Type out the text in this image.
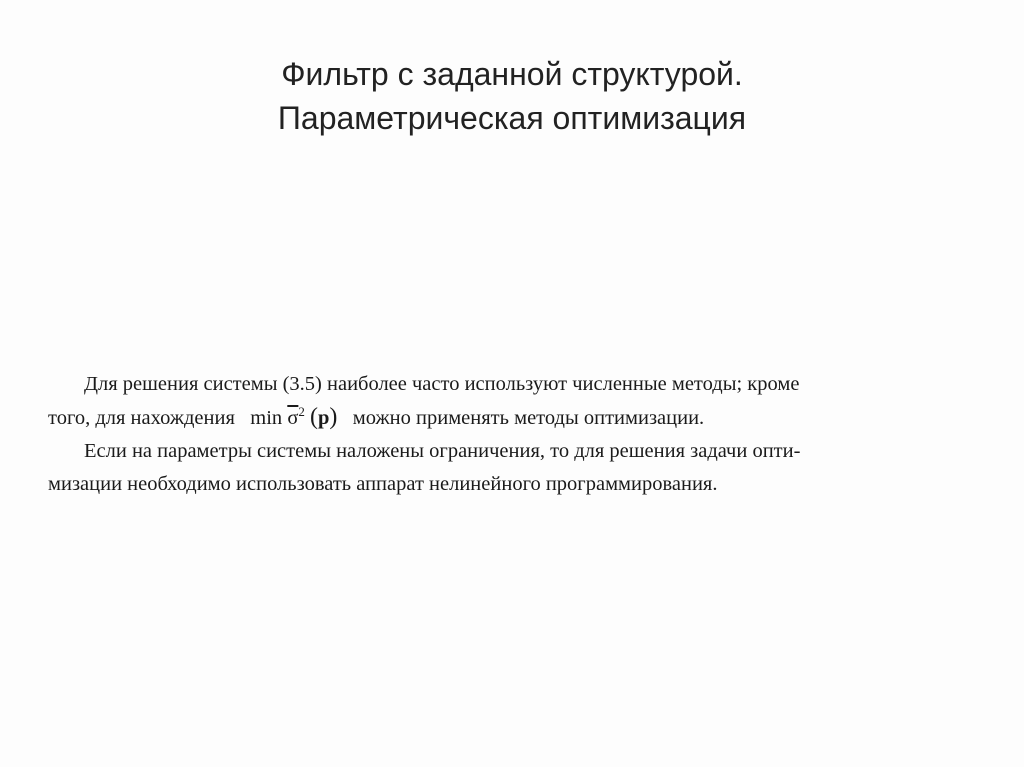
Фильтр с заданной структурой.
Параметрическая оптимизация
Для решения системы (3.5) наиболее часто используют численные методы; кроме
того, для нахождения $\min \overline{\sigma}^2$ (p) можно применять методы оптимизации.
Если на параметры системы наложены ограничения, то для решения задачи опти-
мизации необходимо использовать аппарат нелинейного программирования.
